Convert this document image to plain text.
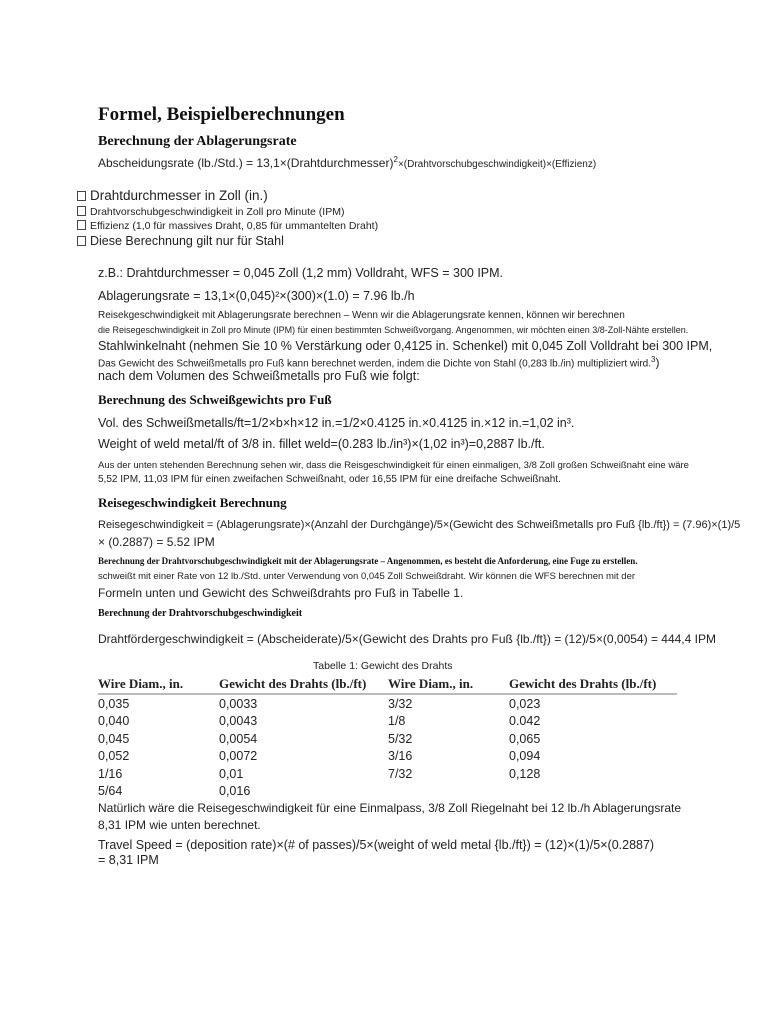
Formel, Beispielberechnungen
Berechnung der Ablagerungsrate
Abscheidungsrate (lb./Std.) = 13,1×(Drahtdurchmesser)$^2$×(Drahtvorschubgeschwindigkeit)×(Effizienz)
Drahtdurchmesser in Zoll (in.)
Drahtvorschubgeschwindigkeit in Zoll pro Minute (IPM)
Effizienz (1,0 für massives Draht, 0,85 für ummantelten Draht)
Diese Berechnung gilt nur für Stahl
z.B.: Drahtdurchmesser = 0,045 Zoll (1,2 mm) Volldraht, WFS = 300 IPM.
Ablagerungsrate = 13,1×(0,045)²×(300)×(1.0) = 7.96 lb./h
Reisekgeschwindigkeit mit Ablagerungsrate berechnen – Wenn wir die Ablagerungsrate kennen, können wir berechnen
die Reisegeschwindigkeit in Zoll pro Minute (IPM) für einen bestimmten Schweißvorgang. Angenommen, wir möchten einen 3/8-Zoll-Nähte erstellen.
Stahlwinkelnaht (nehmen Sie 10 % Verstärkung oder 0,4125 in. Schenkel) mit 0,045 Zoll Volldraht bei 300 IPM,
Das Gewicht des Schweißmetalls pro Fuß kann berechnet werden, indem die Dichte von Stahl (0,283 lb./in) multipliziert wird.$^3$)
nach dem Volumen des Schweißmetalls pro Fuß wie folgt:
Berechnung des Schweißgewichts pro Fuß
Vol. des Schweißmetalls/ft=1/2×b×h×12 in.=1/2×0.4125 in.×0.4125 in.×12 in.=1,02 in³.
Weight of weld metal/ft of 3/8 in. fillet weld=(0.283 lb./in³)×(1,02 in³)=0,2887 lb./ft.
Aus der unten stehenden Berechnung sehen wir, dass die Reisgeschwindigkeit für einen einmaligen, 3/8 Zoll großen Schweißnaht eine wäre
5,52 IPM, 11,03 IPM für einen zweifachen Schweißnaht, oder 16,55 IPM für eine dreifache Schweißnaht.
Reisegeschwindigkeit Berechnung
Reisegeschwindigkeit = (Ablagerungsrate)×(Anzahl der Durchgänge)/5×(Gewicht des Schweißmetalls pro Fuß {lb./ft}) = (7.96)×(1)/5
× (0.2887) = 5.52 IPM
Berechnung der Drahtvorschubgeschwindigkeit mit der Ablagerungsrate – Angenommen, es besteht die Anforderung, eine Fuge zu erstellen.
schweißt mit einer Rate von 12 lb./Std. unter Verwendung von 0,045 Zoll Schweißdraht. Wir können die WFS berechnen mit der
Formeln unten und Gewicht des Schweißdrahts pro Fuß in Tabelle 1.
Berechnung der Drahtvorschubgeschwindigkeit
Drahtfördergeschwindigkeit = (Abscheiderate)/5×(Gewicht des Drahts pro Fuß {lb./ft}) = (12)/5×(0,0054) = 444,4 IPM
Tabelle 1: Gewicht des Drahts
Wire Diam., in.	Gewicht des Drahts (lb./ft)	Wire Diam., in.	Gewicht des Drahts (lb./ft)
0,035	0,0033	3/32	0,023
0,040	0,0043	1/8	0.042
0,045	0,0054	5/32	0,065
0,052	0,0072	3/16	0,094
1/16	0,01	7/32	0,128
5/64	0,016		
Natürlich wäre die Reisegeschwindigkeit für eine Einmalpass, 3/8 Zoll Riegelnaht bei 12 lb./h Ablagerungsrate
8,31 IPM wie unten berechnet.
Travel Speed = (deposition rate)×(# of passes)/5×(weight of weld metal {lb./ft}) = (12)×(1)/5×(0.2887)
= 8,31 IPM
